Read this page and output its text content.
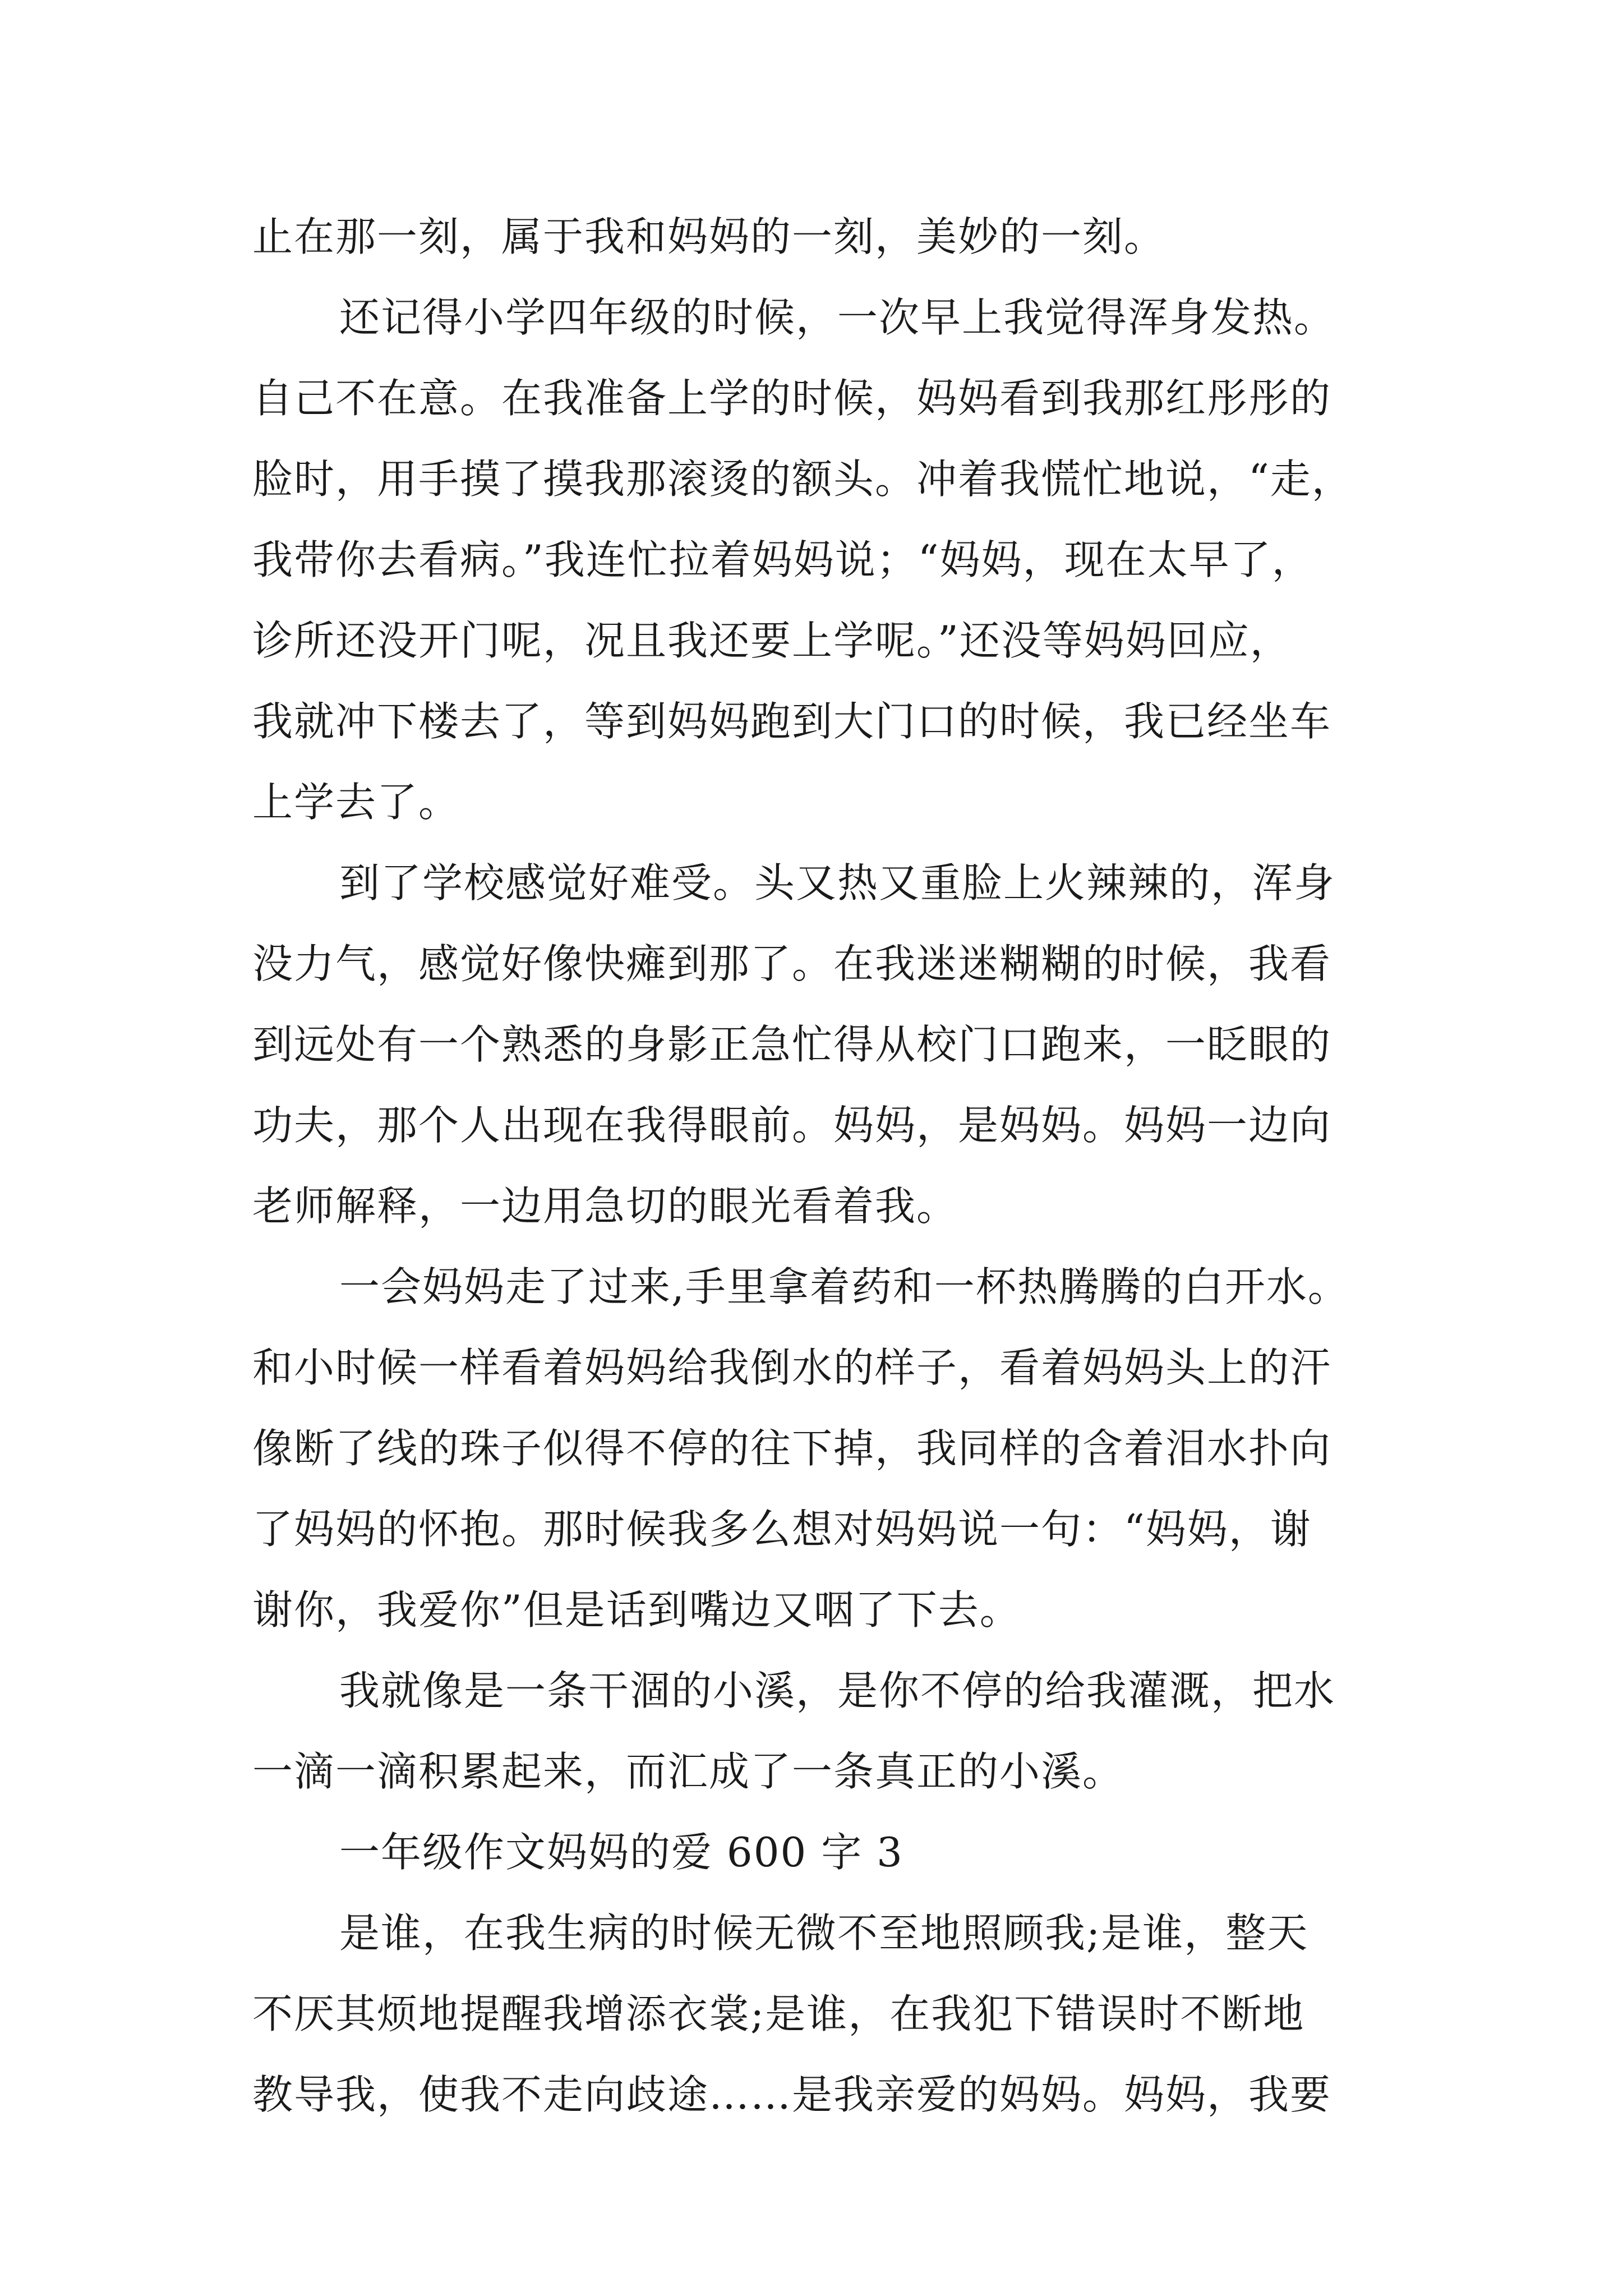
止在那一刻，属于我和妈妈的一刻，美妙的一刻。
还记得小学四年级的时候，一次早上我觉得浑身发热。
自己不在意。在我准备上学的时候，妈妈看到我那红彤彤的
脸时，用手摸了摸我那滚烫的额头。冲着我慌忙地说，“走，
我带你去看病。”我连忙拉着妈妈说；“妈妈，现在太早了，
诊所还没开门呢，况且我还要上学呢。”还没等妈妈回应，
我就冲下楼去了，等到妈妈跑到大门口的时候，我已经坐车
上学去了。
到了学校感觉好难受。头又热又重脸上火辣辣的，浑身
没力气，感觉好像快瘫到那了。在我迷迷糊糊的时候，我看
到远处有一个熟悉的身影正急忙得从校门口跑来，一眨眼的
功夫，那个人出现在我得眼前。妈妈，是妈妈。妈妈一边向
老师解释，一边用急切的眼光看着我。
一会妈妈走了过来,手里拿着药和一杯热腾腾的白开水。
和小时候一样看着妈妈给我倒水的样子，看着妈妈头上的汗
像断了线的珠子似得不停的往下掉，我同样的含着泪水扑向
了妈妈的怀抱。那时候我多么想对妈妈说一句：“妈妈，谢
谢你，我爱你”但是话到嘴边又咽了下去。
我就像是一条干涸的小溪，是你不停的给我灌溉，把水
一滴一滴积累起来，而汇成了一条真正的小溪。
一年级作文妈妈的爱 600 字 3
是谁，在我生病的时候无微不至地照顾我;是谁，整天
不厌其烦地提醒我增添衣裳;是谁，在我犯下错误时不断地
教导我，使我不走向歧途……是我亲爱的妈妈。妈妈，我要
